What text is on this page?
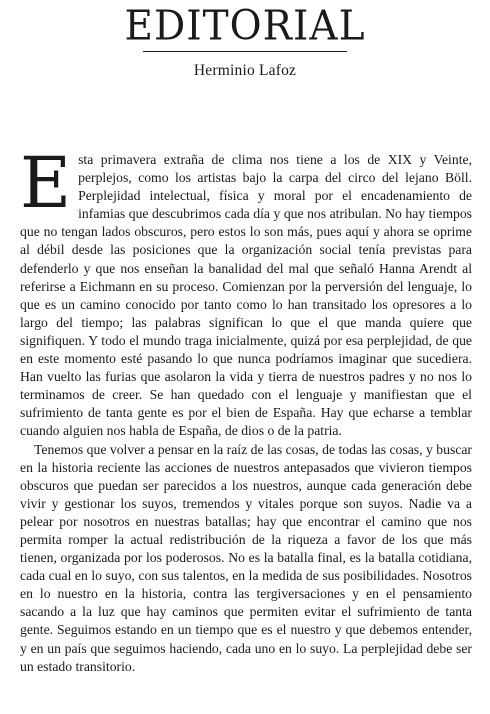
EDITORIAL
Herminio Lafoz

Esta primavera extraña de clima nos tiene a los de XIX y Veinte, perplejos, como los artistas bajo la carpa del circo del lejano Böll. Perplejidad intelectual, física y moral por el encadenamiento de infamias que descubrimos cada día y que nos atribulan. No hay tiempos que no tengan lados obscuros, pero estos lo son más, pues aquí y ahora se oprime al débil desde las posiciones que la organización social tenía previstas para defenderlo y que nos enseñan la banalidad del mal que señaló Hanna Arendt al referirse a Eichmann en su proceso. Comienzan por la perversión del lenguaje, lo que es un camino conocido por tanto como lo han transitado los opresores a lo largo del tiempo; las palabras significan lo que el que manda quiere que signifiquen. Y todo el mundo traga inicialmente, quizá por esa perplejidad, de que en este momento esté pasando lo que nunca podríamos imaginar que sucediera. Han vuelto las furias que asolaron la vida y tierra de nuestros padres y no nos lo terminamos de creer. Se han quedado con el lenguaje y manifiestan que el sufrimiento de tanta gente es por el bien de España. Hay que echarse a temblar cuando alguien nos habla de España, de dios o de la patria.

Tenemos que volver a pensar en la raíz de las cosas, de todas las cosas, y buscar en la historia reciente las acciones de nuestros antepasados que vivieron tiempos obscuros que puedan ser parecidos a los nuestros, aunque cada generación debe vivir y gestionar los suyos, tremendos y vitales porque son suyos. Nadie va a pelear por nosotros en nuestras batallas; hay que encontrar el camino que nos permita romper la actual redistribución de la riqueza a favor de los que más tienen, organizada por los poderosos. No es la batalla final, es la batalla cotidiana, cada cual en lo suyo, con sus talentos, en la medida de sus posibilidades. Nosotros en lo nuestro en la historia, contra las tergiversaciones y en el pensamiento sacando a la luz que hay caminos que permiten evitar el sufrimiento de tanta gente. Seguimos estando en un tiempo que es el nuestro y que debemos entender, y en un país que seguimos haciendo, cada uno en lo suyo. La perplejidad debe ser un estado transitorio.
